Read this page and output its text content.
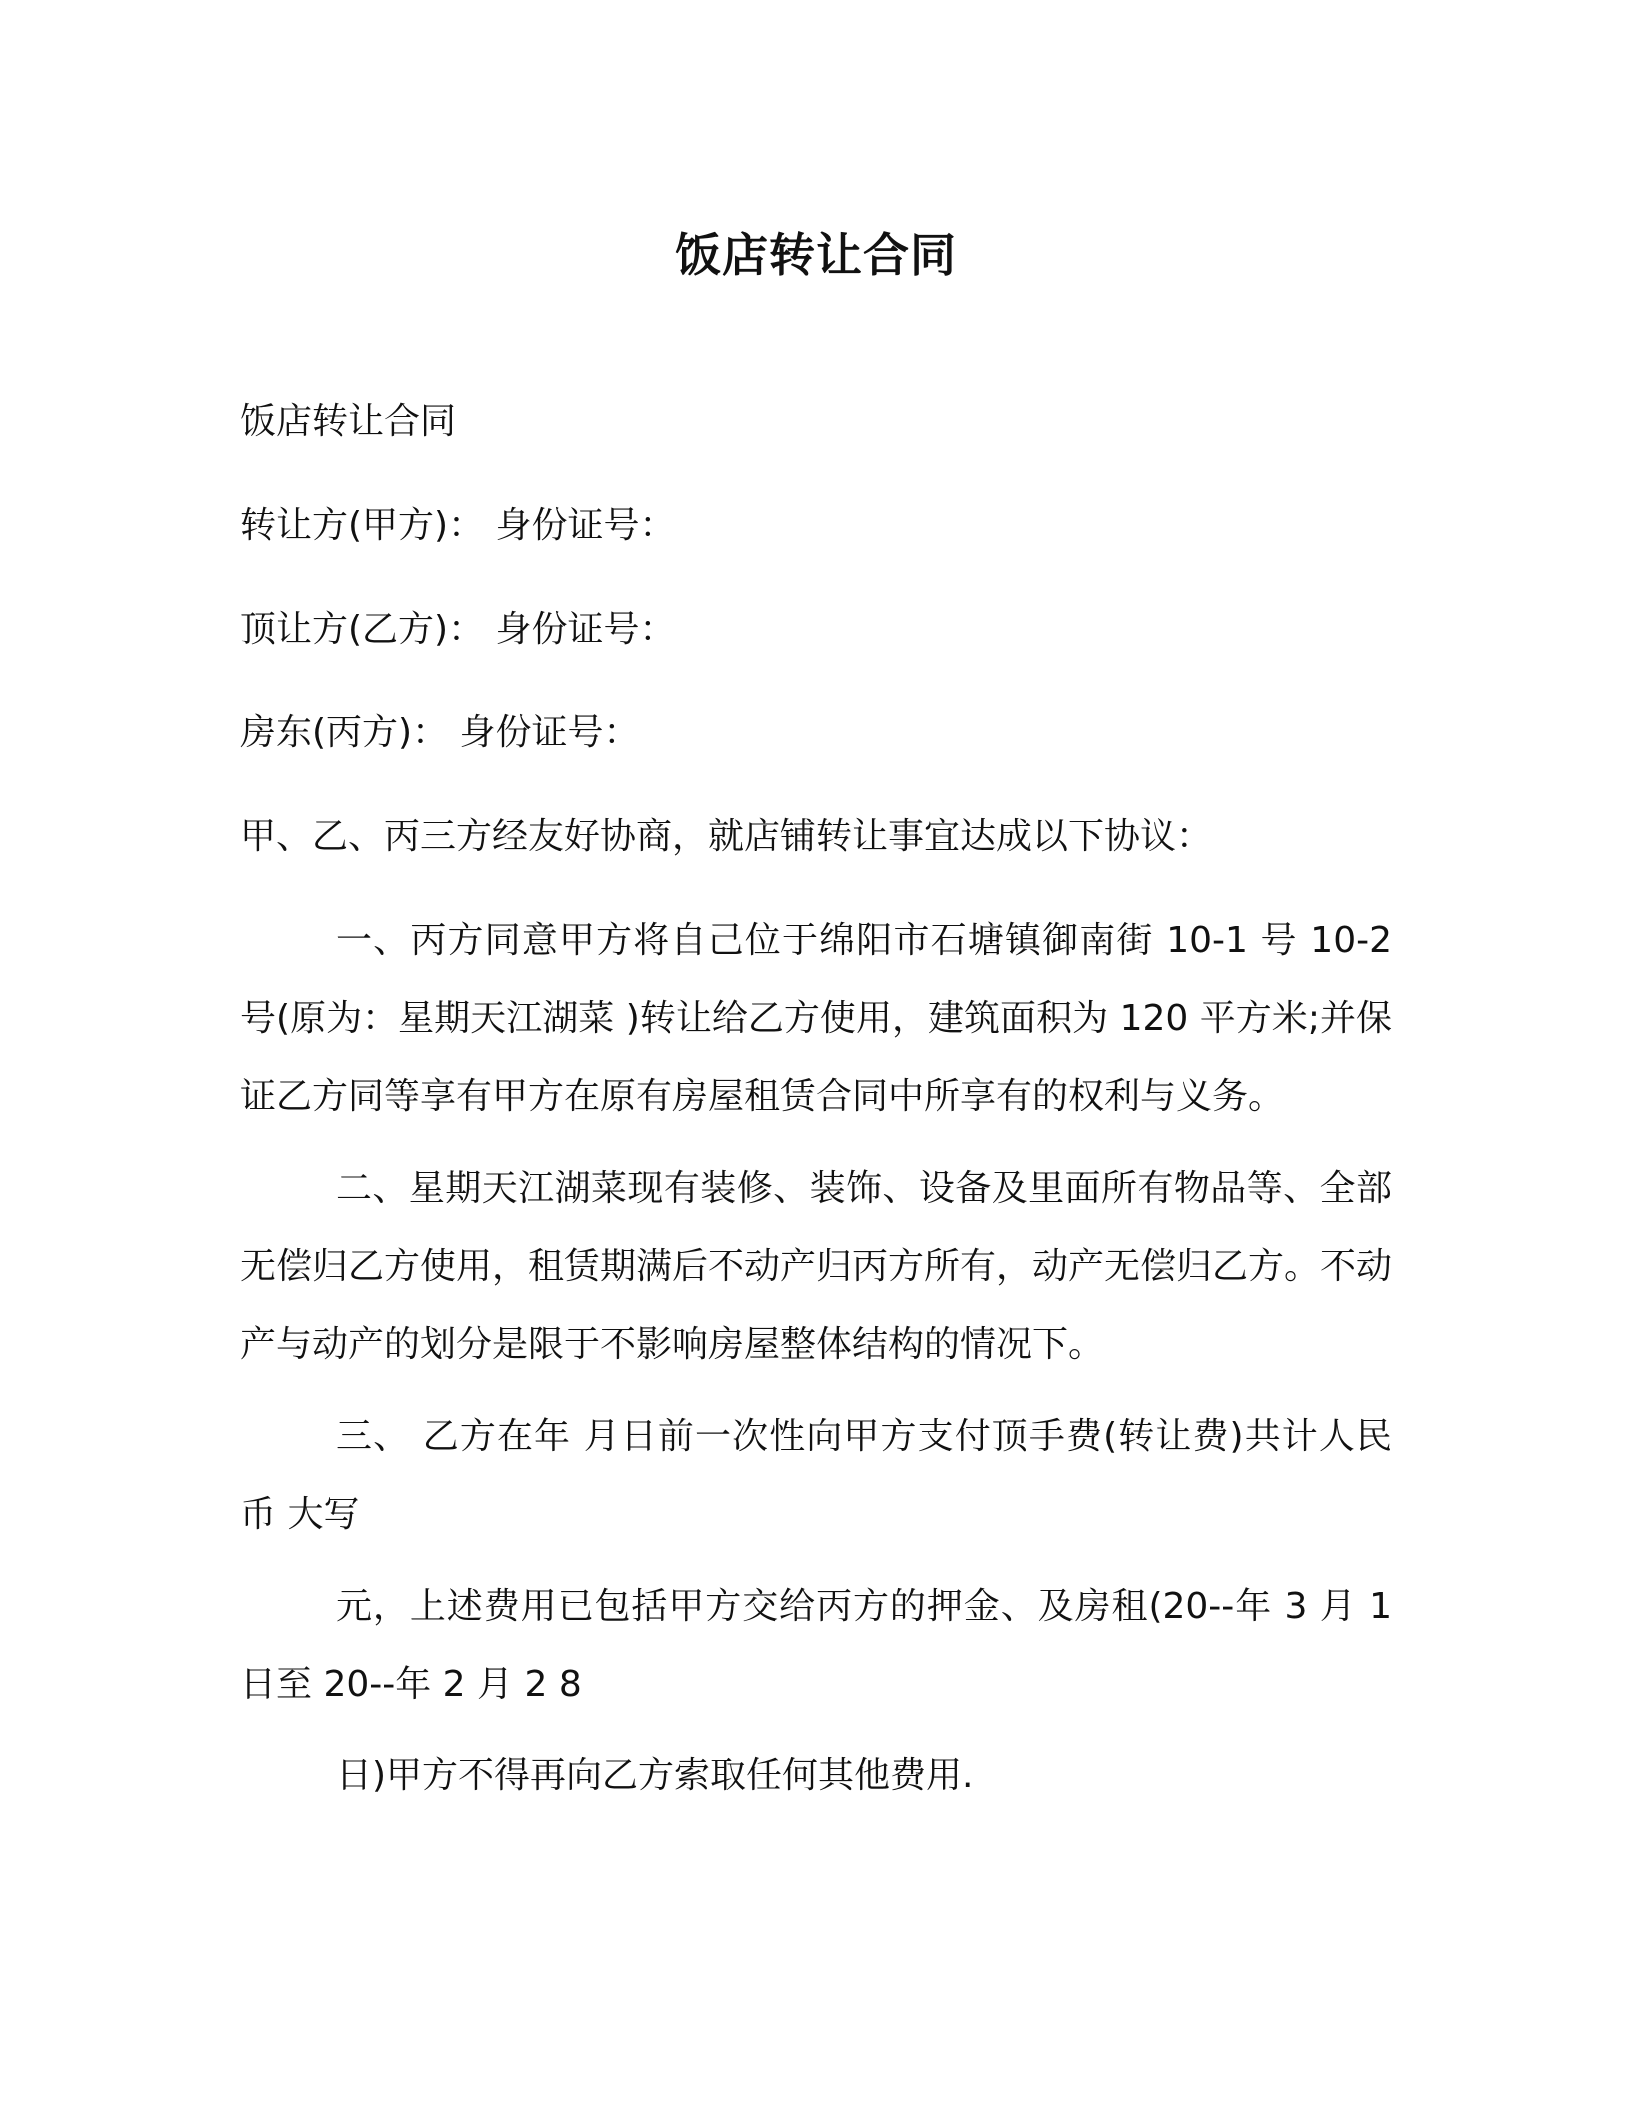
饭店转让合同
饭店转让合同
转让方(甲方)： 身份证号：
顶让方(乙方)： 身份证号：
房东(丙方)： 身份证号：
甲、乙、丙三方经友好协商，就店铺转让事宜达成以下协议：
一、丙方同意甲方将自己位于绵阳市石塘镇御南街 10-1 号 10-2 号(原为：星期天江湖菜 )转让给乙方使用，建筑面积为 120 平方米;并保证乙方同等享有甲方在原有房屋租赁合同中所享有的权利与义务。
二、星期天江湖菜现有装修、装饰、设备及里面所有物品等、全部无偿归乙方使用，租赁期满后不动产归丙方所有，动产无偿归乙方。不动产与动产的划分是限于不影响房屋整体结构的情况下。
三、 乙方在年 月日前一次性向甲方支付顶手费(转让费)共计人民币 大写
元，上述费用已包括甲方交给丙方的押金、及房租(20--年 3 月 1 日至 20--年 2 月 2 8
日)甲方不得再向乙方索取任何其他费用.
